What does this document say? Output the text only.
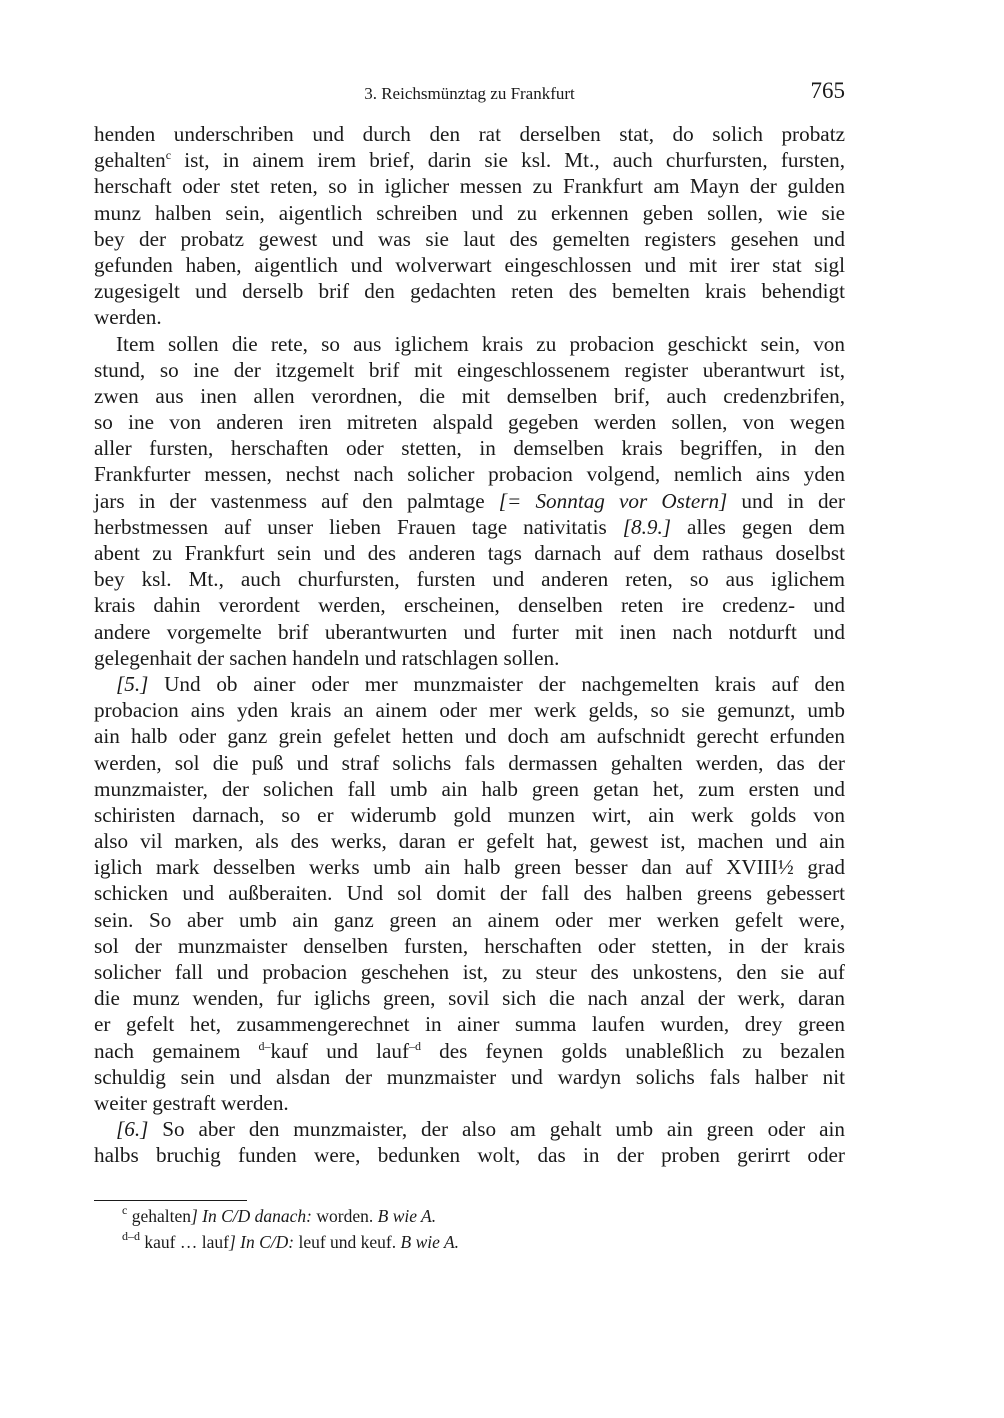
3. Reichsmünztag zu Frankfurt	765
henden underschriben und durch den rat derselben stat, do solich probatz
gehalten$^c$ ist, in ainem irem brief, darin sie ksl. Mt., auch churfursten, fursten,
herschaft oder stet reten, so in iglicher messen zu Frankfurt am Mayn der gulden
munz halben sein, aigentlich schreiben und zu erkennen geben sollen, wie sie
bey der probatz gewest und was sie laut des gemelten registers gesehen und
gefunden haben, aigentlich und wolverwart eingeschlossen und mit irer stat sigl
zugesigelt und derselb brif den gedachten reten des bemelten krais behendigt
werden.
Item sollen die rete, so aus iglichem krais zu probacion geschickt sein, von
stund, so ine der itzgemelt brif mit eingeschlossenem register uberantwurt ist,
zwen aus inen allen verordnen, die mit demselben brif, auch credenzbrifen,
so ine von anderen iren mitreten alspald gegeben werden sollen, von wegen
aller fursten, herschaften oder stetten, in demselben krais begriffen, in den
Frankfurter messen, nechst nach solicher probacion volgend, nemlich ains yden
jars in der vastenmess auf den palmtage [= Sonntag vor Ostern] und in der
herbstmessen auf unser lieben Frauen tage nativitatis [8.9.] alles gegen dem
abent zu Frankfurt sein und des anderen tags darnach auf dem rathaus doselbst
bey ksl. Mt., auch churfursten, fursten und anderen reten, so aus iglichem
krais dahin verordent werden, erscheinen, denselben reten ire credenz- und
andere vorgemelte brif uberantwurten und furter mit inen nach notdurft und
gelegenhait der sachen handeln und ratschlagen sollen.
[5.] Und ob ainer oder mer munzmaister der nachgemelten krais auf den
probacion ains yden krais an ainem oder mer werk gelds, so sie gemunzt, umb
ain halb oder ganz grein gefelet hetten und doch am aufschnidt gerecht erfunden
werden, sol die puß und straf solichs fals dermassen gehalten werden, das der
munzmaister, der solichen fall umb ain halb green getan het, zum ersten und
schiristen darnach, so er widerumb gold munzen wirt, ain werk golds von
also vil marken, als des werks, daran er gefelt hat, gewest ist, machen und ain
iglich mark desselben werks umb ain halb green besser dan auf XVIII½ grad
schicken und außberaiten. Und sol domit der fall des halben greens gebessert
sein. So aber umb ain ganz green an ainem oder mer werken gefelt were,
sol der munzmaister denselben fursten, herschaften oder stetten, in der krais
solicher fall und probacion geschehen ist, zu steur des unkostens, den sie auf
die munz wenden, fur iglichs green, sovil sich die nach anzal der werk, daran
er gefelt het, zusammengerechnet in ainer summa laufen wurden, drey green
nach gemainem $^{d-}$kauf und lauf$^{-d}$ des feynen golds unableßlich zu bezalen
schuldig sein und alsdan der munzmaister und wardyn solichs fals halber nit
weiter gestraft werden.
[6.] So aber den munzmaister, der also am gehalt umb ain green oder ain
halbs bruchig funden were, bedunken wolt, das in der proben gerirrt oder
$^c$ gehalten] In C/D danach: worden. B wie A.
$^{d-d}$ kauf … lauf] In C/D: leuf und keuf. B wie A.
